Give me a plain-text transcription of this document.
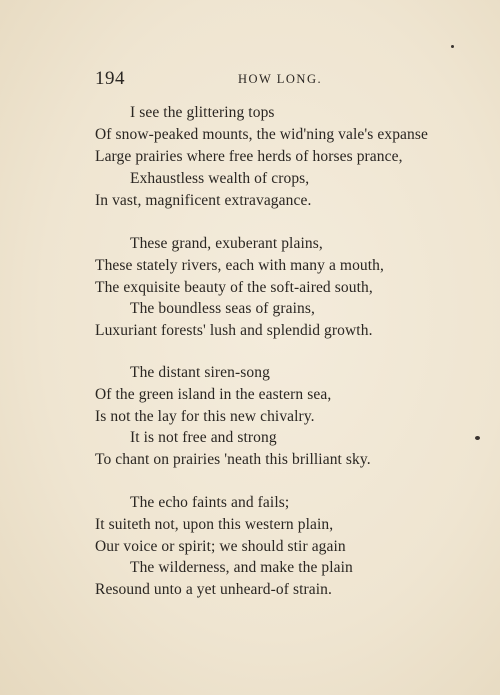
194	HOW LONG.
I see the glittering tops
Of snow-peaked mounts, the wid'ning vale's expanse
Large prairies where free herds of horses prance,
Exhaustless wealth of crops,
In vast, magnificent extravagance.
These grand, exuberant plains,
These stately rivers, each with many a mouth,
The exquisite beauty of the soft-aired south,
The boundless seas of grains,
Luxuriant forests' lush and splendid growth.
The distant siren-song
Of the green island in the eastern sea,
Is not the lay for this new chivalry.
It is not free and strong
To chant on prairies 'neath this brilliant sky.
The echo faints and fails;
It suiteth not, upon this western plain,
Our voice or spirit; we should stir again
The wilderness, and make the plain
Resound unto a yet unheard-of strain.
